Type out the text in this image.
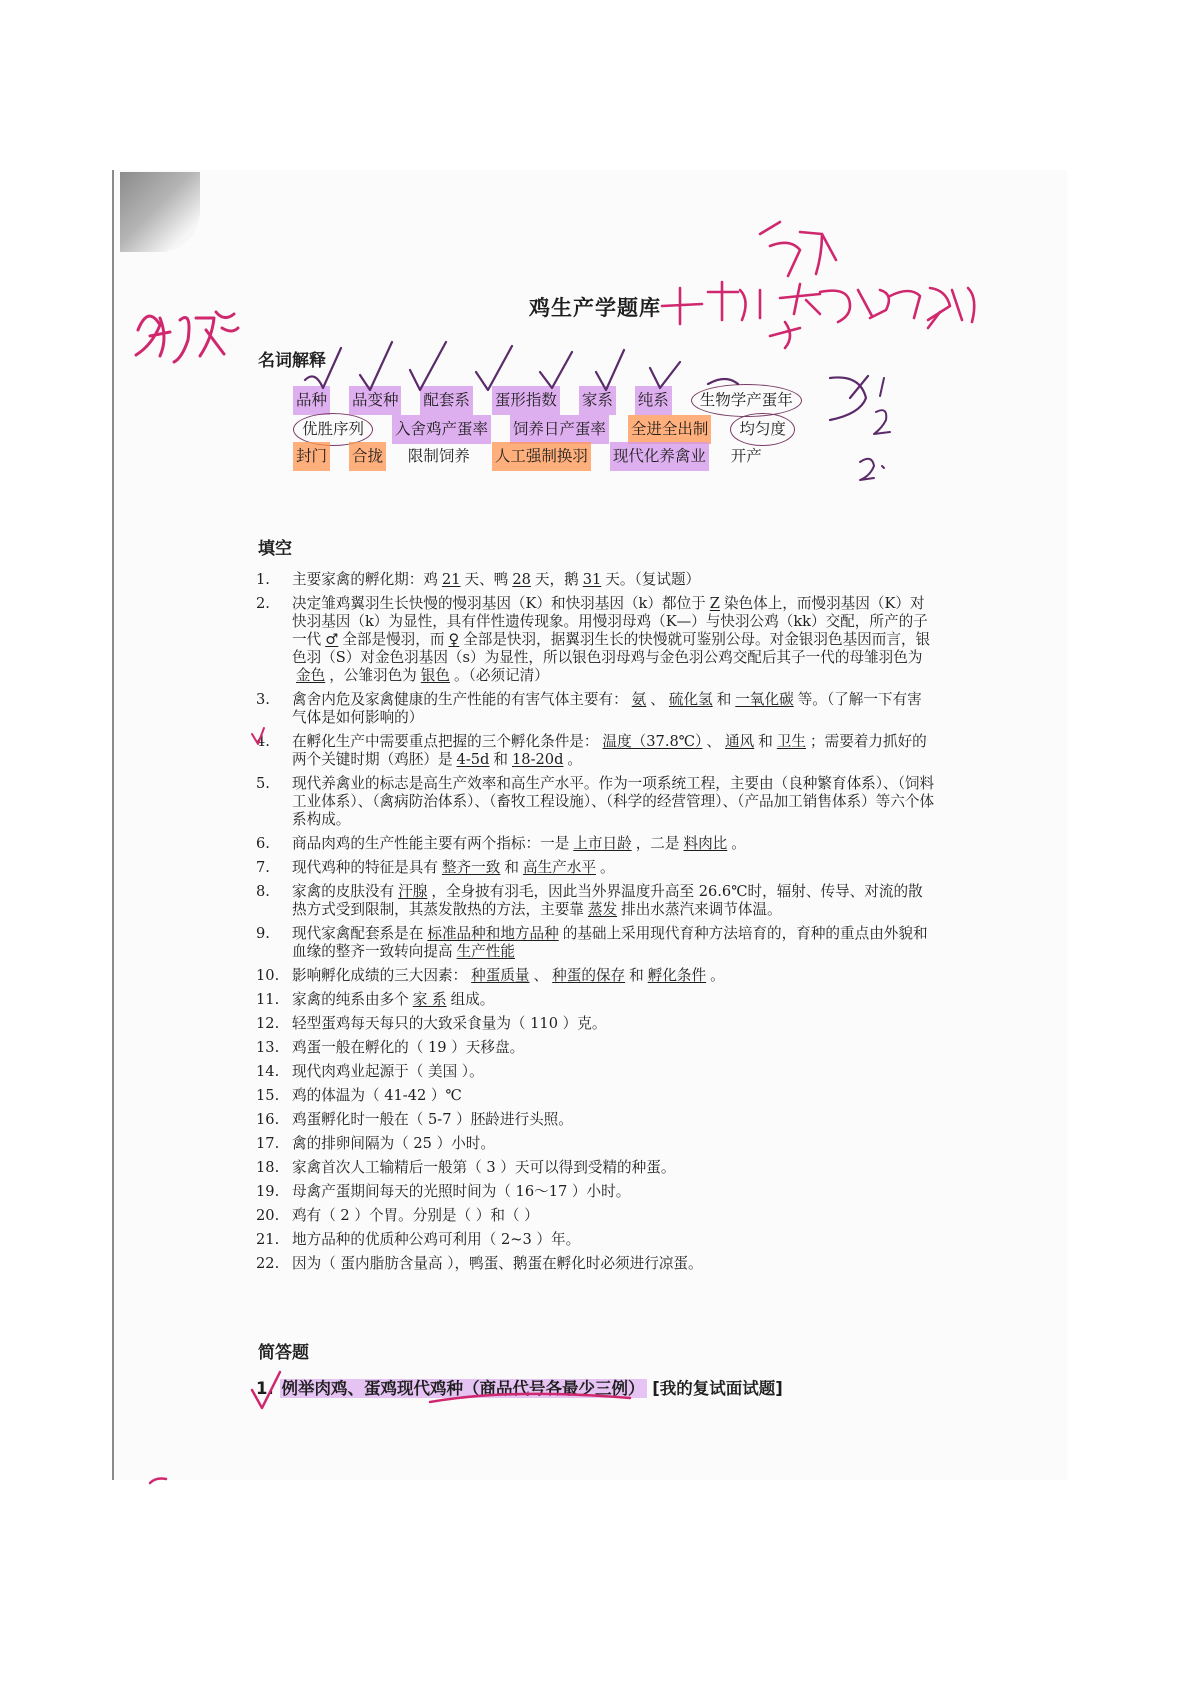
鸡生产学题库
名词解释
品种 品变种 配套系 蛋形指数 家系 纯系 生物学产蛋年
优胜序列 入舍鸡产蛋率 饲养日产蛋率 全进全出制 均匀度
封门 合拢 限制饲养 人工强制换羽 现代化养禽业 开产
填空
1.	主要家禽的孵化期：鸡 21 天、鸭 28 天，鹅 31 天。（复试题）
2.	决定雏鸡翼羽生长快慢的慢羽基因（K）和快羽基因（k）都位于 Z 染色体上，而慢羽基因（K）对快羽基因（k）为显性，具有伴性遗传现象。用慢羽母鸡（K—）与快羽公鸡（kk）交配，所产的子一代 ♂ 全部是慢羽，而 ♀ 全部是快羽，据翼羽生长的快慢就可鉴别公母。对金银羽色基因而言，银色羽（S）对金色羽基因（s）为显性，所以银色羽母鸡与金色羽公鸡交配后其子一代的母雏羽色为金色 ，公雏羽色为 银色 。（必须记清）
3.	禽舍内危及家禽健康的生产性能的有害气体主要有： 氨 、 硫化氢 和 一氧化碳 等。（了解一下有害气体是如何影响的）
4.	在孵化生产中需要重点把握的三个孵化条件是： 温度（37.8℃） 、 通风 和 卫生 ；需要着力抓好的两个关键时期（鸡胚）是 4-5d 和 18-20d 。
5.	现代养禽业的标志是高生产效率和高生产水平。作为一项系统工程，主要由（良种繁育体系）、（饲料工业体系）、（禽病防治体系）、（畜牧工程设施）、（科学的经营管理）、（产品加工销售体系）等六个体系构成。
6.	商品肉鸡的生产性能主要有两个指标：一是 上市日龄 ，二是 料肉比 。
7.	现代鸡种的特征是具有 整齐一致 和 高生产水平 。
8.	家禽的皮肤没有 汗腺 ，全身披有羽毛，因此当外界温度升高至 26.6℃时，辐射、传导、对流的散热方式受到限制，其蒸发散热的方法，主要靠 蒸发 排出水蒸汽来调节体温。
9.	现代家禽配套系是在 标准品种和地方品种 的基础上采用现代育种方法培育的，育种的重点由外貌和血缘的整齐一致转向提高 生产性能
10. 影响孵化成绩的三大因素： 种蛋质量 、 种蛋的保存 和 孵化条件 。
11. 家禽的纯系由多个 家 系 组成。
12. 轻型蛋鸡每天每只的大致采食量为（ 110 ）克。
13. 鸡蛋一般在孵化的（ 19 ）天移盘。
14. 现代肉鸡业起源于（ 美国 ）。
15. 鸡的体温为（ 41-42 ）℃
16. 鸡蛋孵化时一般在（ 5-7 ）胚龄进行头照。
17. 禽的排卵间隔为（ 25 ）小时。
18. 家禽首次人工输精后一般第（ 3 ）天可以得到受精的种蛋。
19. 母禽产蛋期间每天的光照时间为（ 16～17 ）小时。
20. 鸡有（ 2 ）个胃。分别是（ ）和（ ）
21. 地方品种的优质种公鸡可利用（ 2~3 ）年。
22. 因为（ 蛋内脂肪含量高 ），鸭蛋、鹅蛋在孵化时必须进行凉蛋。
简答题
1. 例举肉鸡、蛋鸡现代鸡种（商品代号各最少三例） [我的复试面试题]
